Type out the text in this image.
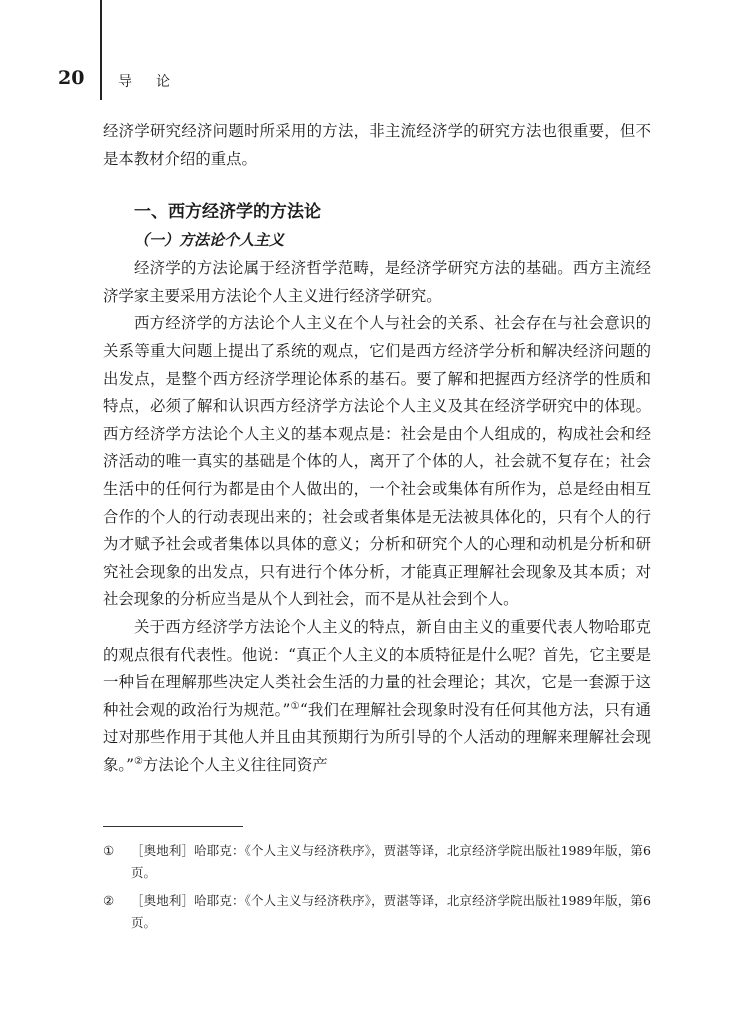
20 导论

经济学研究经济问题时所采用的方法，非主流经济学的研究方法也很重要，但不是本教材介绍的重点。

一、西方经济学的方法论
（一）方法论个人主义

经济学的方法论属于经济哲学范畴，是经济学研究方法的基础。西方主流经济学家主要采用方法论个人主义进行经济学研究。

西方经济学的方法论个人主义在个人与社会的关系、社会存在与社会意识的关系等重大问题上提出了系统的观点，它们是西方经济学分析和解决经济问题的出发点，是整个西方经济学理论体系的基石。要了解和把握西方经济学的性质和特点，必须了解和认识西方经济学方法论个人主义及其在经济学研究中的体现。西方经济学方法论个人主义的基本观点是：社会是由个人组成的，构成社会和经济活动的唯一真实的基础是个体的人，离开了个体的人，社会就不复存在；社会生活中的任何行为都是由个人做出的，一个社会或集体有所作为，总是经由相互合作的个人的行动表现出来的；社会或者集体是无法被具体化的，只有个人的行为才赋予社会或者集体以具体的意义；分析和研究个人的心理和动机是分析和研究社会现象的出发点，只有进行个体分析，才能真正理解社会现象及其本质；对社会现象的分析应当是从个人到社会，而不是从社会到个人。

关于西方经济学方法论个人主义的特点，新自由主义的重要代表人物哈耶克的观点很有代表性。他说：“真正个人主义的本质特征是什么呢？首先，它主要是一种旨在理解那些决定人类社会生活的力量的社会理论；其次，它是一套源于这种社会观的政治行为规范。”①“我们在理解社会现象时没有任何其他方法，只有通过对那些作用于其他人并且由其预期行为所引导的个人活动的理解来理解社会现象。”②方法论个人主义往往同资产

①	［奥地利］哈耶克：《个人主义与经济秩序》，贾湛等译，北京经济学院出版社1989年版，第6页。
②	［奥地利］哈耶克：《个人主义与经济秩序》，贾湛等译，北京经济学院出版社1989年版，第6页。
